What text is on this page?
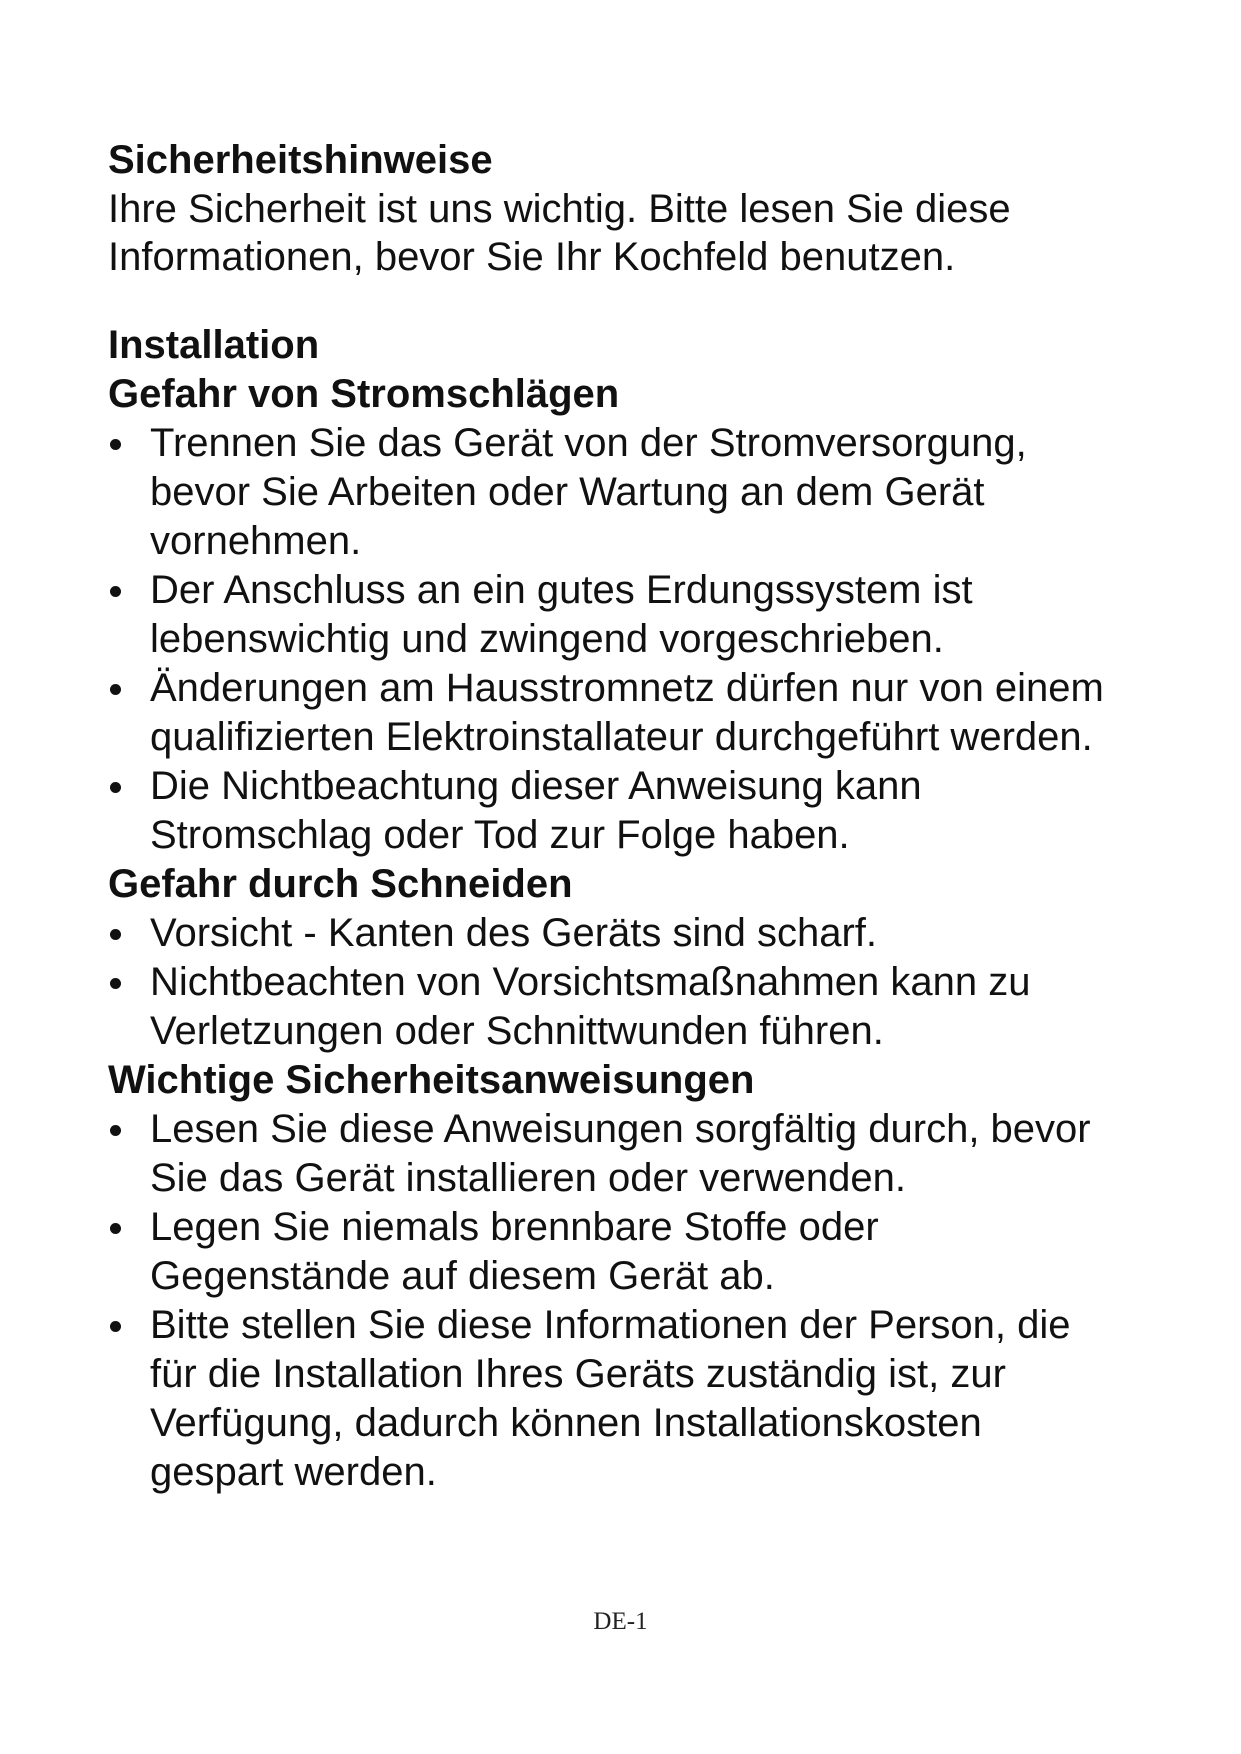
Sicherheitshinweise

Ihre Sicherheit ist uns wichtig. Bitte lesen Sie diese Informationen, bevor Sie Ihr Kochfeld benutzen.

Installation
Gefahr von Stromschlägen
Trennen Sie das Gerät von der Stromversorgung, bevor Sie Arbeiten oder Wartung an dem Gerät vornehmen.
Der Anschluss an ein gutes Erdungssystem ist lebenswichtig und zwingend vorgeschrieben.
Änderungen am Hausstromnetz dürfen nur von einem qualifizierten Elektroinstallateur durchgeführt werden.
Die Nichtbeachtung dieser Anweisung kann Stromschlag oder Tod zur Folge haben.
Gefahr durch Schneiden
Vorsicht - Kanten des Geräts sind scharf.
Nichtbeachten von Vorsichtsmaßnahmen kann zu Verletzungen oder Schnittwunden führen.
Wichtige Sicherheitsanweisungen
Lesen Sie diese Anweisungen sorgfältig durch, bevor Sie das Gerät installieren oder verwenden.
Legen Sie niemals brennbare Stoffe oder Gegenstände auf diesem Gerät ab.
Bitte stellen Sie diese Informationen der Person, die für die Installation Ihres Geräts zuständig ist, zur Verfügung, dadurch können Installationskosten gespart werden.
DE-1
